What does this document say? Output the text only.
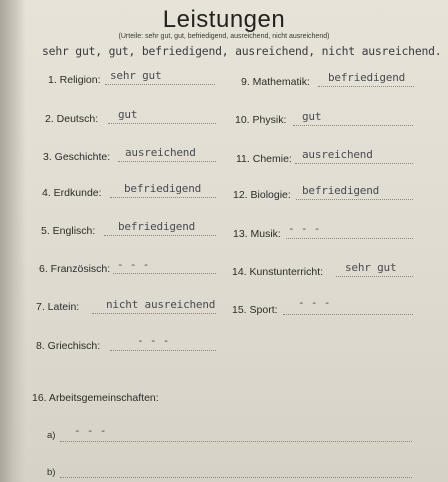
Leistungen
(Urteile: sehr gut, gut, befriedigend, ausreichend, nicht ausreichend)
sehr gut, gut, befriedigend, ausreichend, nicht ausreichend.
1. Religion: sehr gut
2. Deutsch: gut
3. Geschichte: ausreichend
4. Erdkunde: befriedigend
5. Englisch: befriedigend
6. Französisch: - - -
7. Latein: nicht ausreichend
8. Griechisch:	- - -
9. Mathematik: befriedigend
10. Physik: gut
11. Chemie: ausreichend
12. Biologie: befriedigend
13. Musik: - - -
14. Kunstunterricht: sehr gut
15. Sport:
- - -
16. Arbeitsgemeinschaften:
a) - - -
b)
